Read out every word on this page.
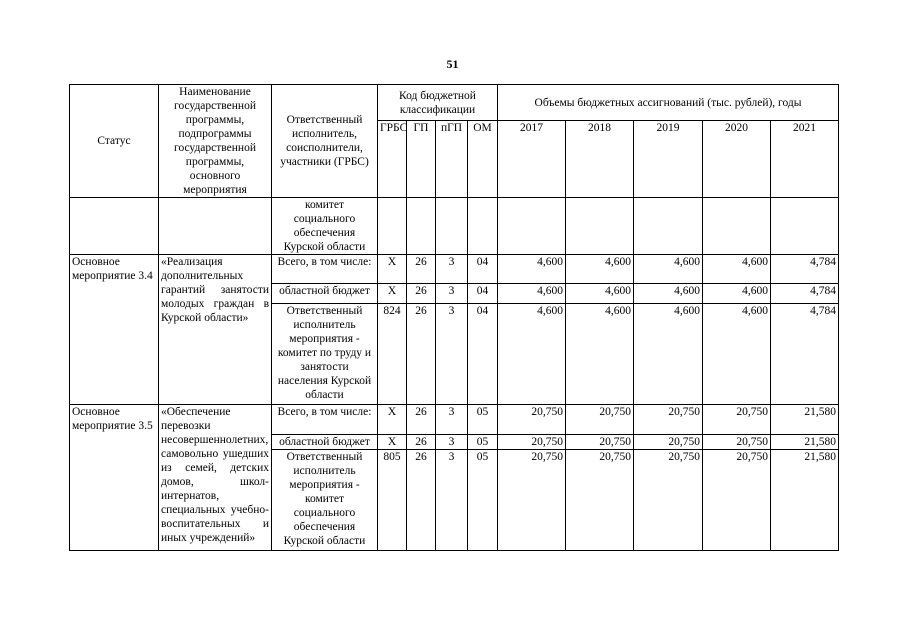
51
Статус	Наименование государственной программы, подпрограммы государственной программы, основного мероприятия	Ответственный исполнитель, соисполнители, участники (ГРБС)	Код бюджетной классификации				Объемы бюджетных ассигнований (тыс. рублей), годы				
			ГРБС	ГП	пГП	ОМ	2017	2018	2019	2020	2021
		комитет социального обеспечения Курской области									
Основное мероприятие 3.4	«Реализация дополнительных гарантий занятости молодых граждан в Курской области»	Всего, в том числе:	X	26	3	04	4,600	4,600	4,600	4,600	4,784
		областной бюджет	X	26	3	04	4,600	4,600	4,600	4,600	4,784
		Ответственный исполнитель мероприятия - комитет по труду и занятости населения Курской области	824	26	3	04	4,600	4,600	4,600	4,600	4,784
Основное мероприятие 3.5	«Обеспечение перевозки несовершеннолетних, самовольно ушедших из семей, детских домов, школ-интернатов, специальных учебно-воспитательных и иных учреждений»	Всего, в том числе:	X	26	3	05	20,750	20,750	20,750	20,750	21,580
		областной бюджет	X	26	3	05	20,750	20,750	20,750	20,750	21,580
		Ответственный исполнитель мероприятия - комитет социального обеспечения Курской области	805	26	3	05	20,750	20,750	20,750	20,750	21,580
